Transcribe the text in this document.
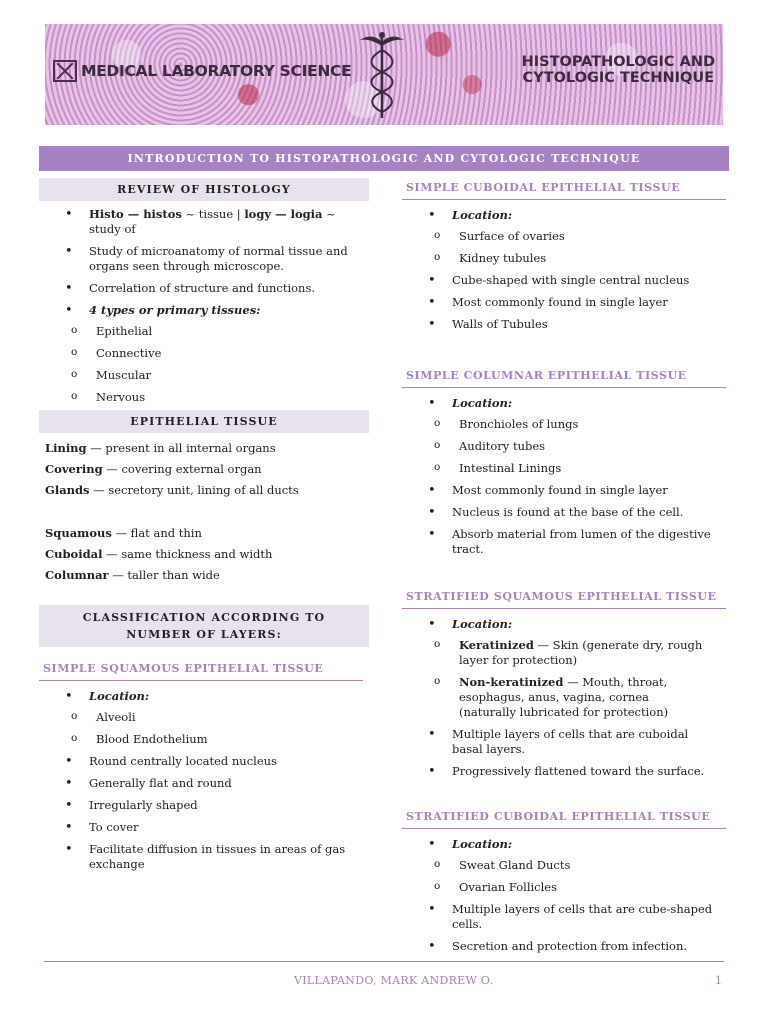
MEDICAL LABORATORY SCIENCE	HISTOPATHOLOGIC AND
CYTOLOGIC TECHNIQUE
INTRODUCTION TO HISTOPATHOLOGIC AND CYTOLOGIC TECHNIQUE
REVIEW OF HISTOLOGY
• Histo — histos ~ tissue | logy — logia ~ study of
• Study of microanatomy of normal tissue and organs seen through microscope.
• Correlation of structure and functions.
• 4 types or primary tissues:
o Epithelial
o Connective
o Muscular
o Nervous
EPITHELIAL TISSUE
Lining — present in all internal organs
Covering — covering external organ
Glands — secretory unit, lining of all ducts
Squamous — flat and thin
Cuboidal — same thickness and width
Columnar — taller than wide
CLASSIFICATION ACCORDING TO NUMBER OF LAYERS:
SIMPLE SQUAMOUS EPITHELIAL TISSUE
• Location:
o Alveoli
o Blood Endothelium
• Round centrally located nucleus
• Generally flat and round
• Irregularly shaped
• To cover
• Facilitate diffusion in tissues in areas of gas exchange
SIMPLE CUBOIDAL EPITHELIAL TISSUE
• Location:
o Surface of ovaries
o Kidney tubules
• Cube-shaped with single central nucleus
• Most commonly found in single layer
• Walls of Tubules
SIMPLE COLUMNAR EPITHELIAL TISSUE
• Location:
o Bronchioles of lungs
o Auditory tubes
o Intestinal Linings
• Most commonly found in single layer
• Nucleus is found at the base of the cell.
• Absorb material from lumen of the digestive tract.
STRATIFIED SQUAMOUS EPITHELIAL TISSUE
• Location:
o Keratinized — Skin (generate dry, rough layer for protection)
o Non-keratinized — Mouth, throat, esophagus, anus, vagina, cornea (naturally lubricated for protection)
• Multiple layers of cells that are cuboidal basal layers.
• Progressively flattened toward the surface.
STRATIFIED CUBOIDAL EPITHELIAL TISSUE
• Location:
o Sweat Gland Ducts
o Ovarian Follicles
• Multiple layers of cells that are cube-shaped cells.
• Secretion and protection from infection.
VILLAPANDO, MARK ANDREW O.	1
